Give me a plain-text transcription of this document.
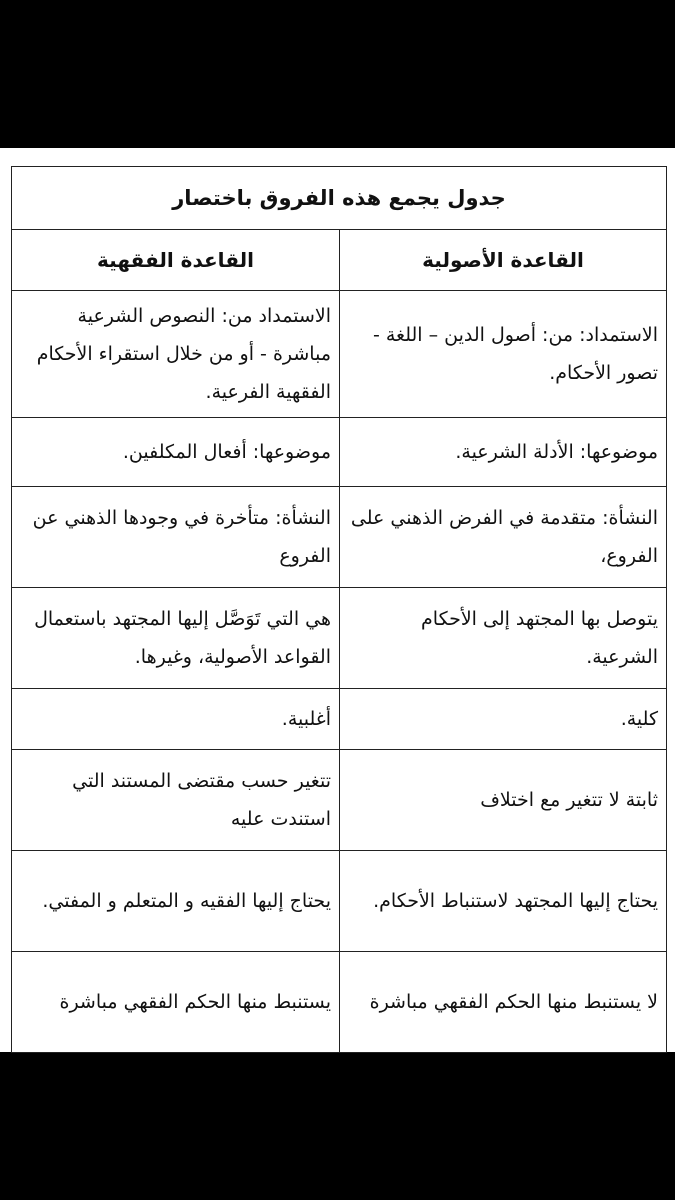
جدول يجمع هذه الفروق باختصار	
القاعدة الأصولية	القاعدة الفقهية
الاستمداد: من: أصول الدين – اللغة - تصور الأحكام.	الاستمداد من: النصوص الشرعية مباشرة - أو من خلال استقراء الأحكام الفقهية الفرعية.
موضوعها: الأدلة الشرعية.	موضوعها: أفعال المكلفين.
النشأة: متقدمة في الفرض الذهني على الفروع،	النشأة: متأخرة في وجودها الذهني عن الفروع
يتوصل بها المجتهد إلى الأحكام الشرعية.	هي التي تَوَصَّل إليها المجتهد باستعمال القواعد الأصولية، وغيرها.
كلية.	أغلبية.
ثابتة لا تتغير مع اختلاف	تتغير حسب مقتضى المستند التي استندت عليه
يحتاج إليها المجتهد لاستنباط الأحكام.	يحتاج إليها الفقيه و المتعلم و المفتي.
لا يستنبط منها الحكم الفقهي مباشرة	يستنبط منها الحكم الفقهي مباشرة
